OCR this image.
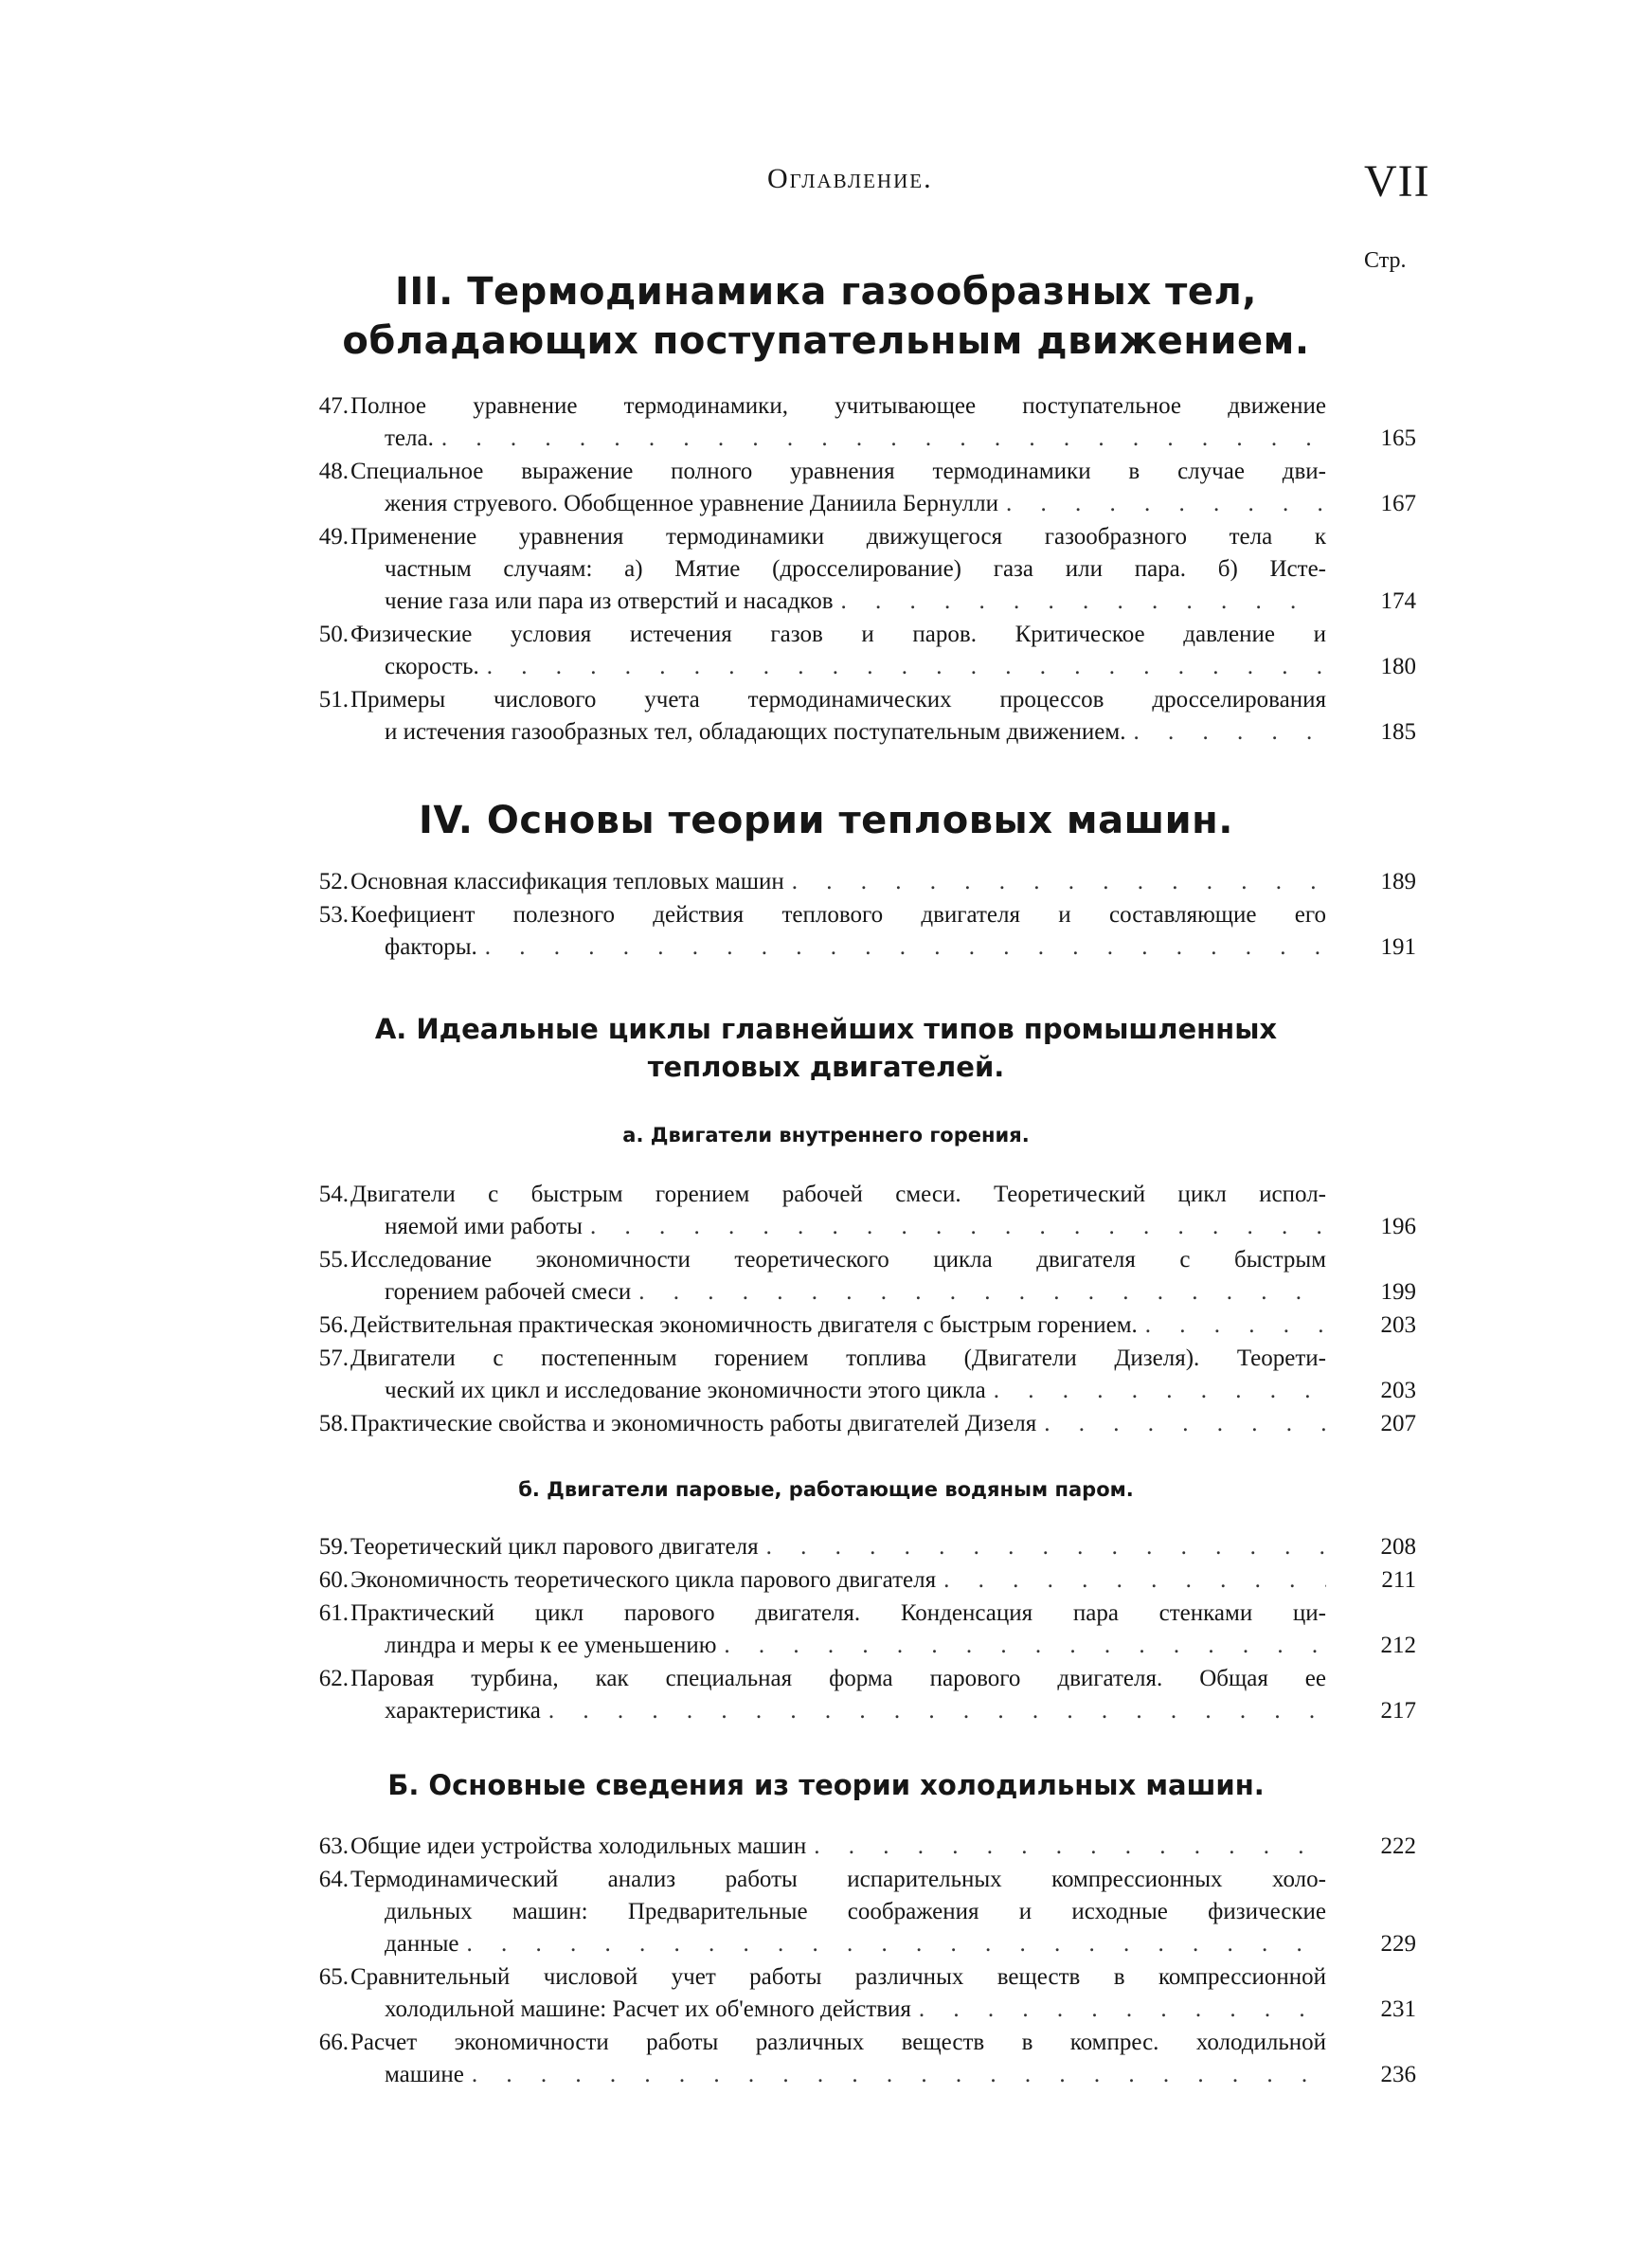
Оглавление.	VII
Стр.
III. Термодинамика газообразных тел,
обладающих поступательным движением.
47. Полное уравнение термодинамики, учитывающее поступательное движение
тела. . . .	165
48. Специальное выражение полного уравнения термодинамики в случае дви-
жения струевого. Обобщенное уравнение Даниила Бернулли . . .	167
49. Применение уравнения термодинамики движущегося газообразного тела к
частным случаям: а) Мятие (дросселирование) газа или пара. б) Исте-
чение газа или пара из отверстий и насадков . . .	174
50. Физические условия истечения газов и паров. Критическое давление и
скорость. . . .	180
51. Примеры числового учета термодинамических процессов дросселирования
и истечения газообразных тел, обладающих поступательным движением. . . .	185
IV. Основы теории тепловых машин.
52. Основная классификация тепловых машин . . .	189
53. Коефициент полезного действия теплового двигателя и составляющие его
факторы. . . .	191
А. Идеальные циклы главнейших типов промышленных
тепловых двигателей.
а. Двигатели внутреннего горения.
54. Двигатели с быстрым горением рабочей смеси. Теоретический цикл испол-
няемой ими работы . . .	196
55. Исследование экономичности теоретического цикла двигателя с быстрым
горением рабочей смеси . . .	199
56. Действительная практическая экономичность двигателя с быстрым горением. . . .	203
57. Двигатели с постепенным горением топлива (Двигатели Дизеля). Теорети-
ческий их цикл и исследование экономичности этого цикла . . .	203
58. Практические свойства и экономичность работы двигателей Дизеля . . .	207
б. Двигатели паровые, работающие водяным паром.
59. Теоретический цикл парового двигателя . . .	208
60. Экономичность теоретического цикла парового двигателя . . .	211
61. Практический цикл парового двигателя. Конденсация пара стенками ци-
линдра и меры к ее уменьшению . . .	212
62. Паровая турбина, как специальная форма парового двигателя. Общая ее
характеристика . . .	217
Б. Основные сведения из теории холодильных машин.
63. Общие идеи устройства холодильных машин . . .	222
64. Термодинамический анализ работы испарительных компрессионных холо-
дильных машин: Предварительные соображения и исходные физические
данные . . .	229
65. Сравнительный числовой учет работы различных веществ в компрессионной
холодильной машине: Расчет их об'емного действия . . .	231
66. Расчет экономичности работы различных веществ в компрес. холодильной
машине . . .	236
